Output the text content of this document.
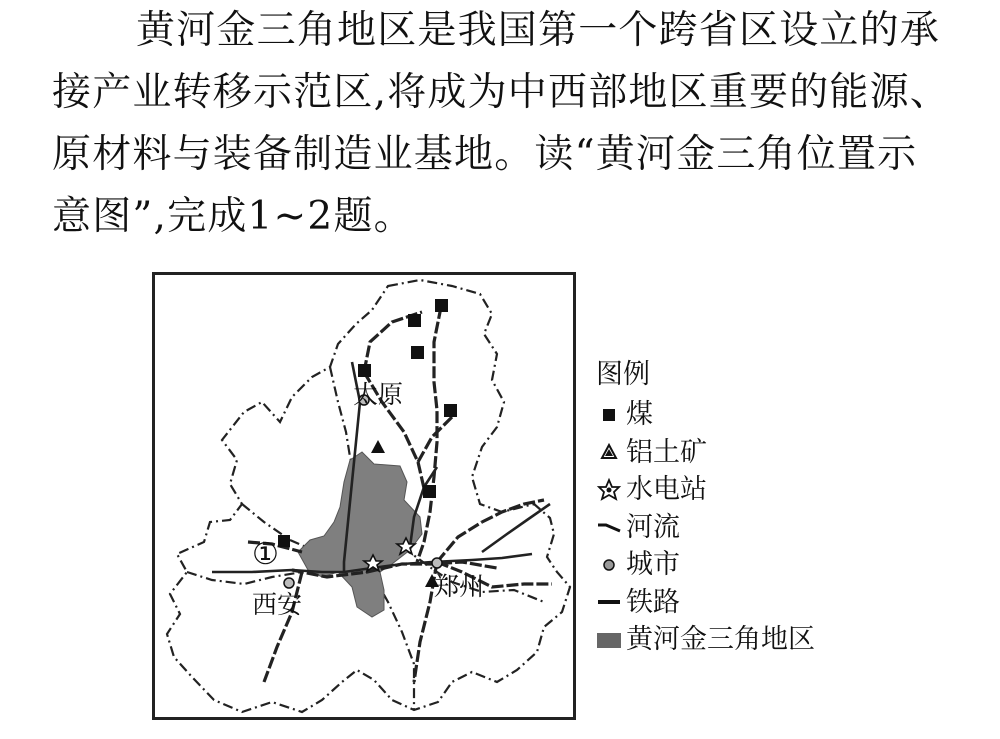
黄河金三角地区是我国第一个跨省区设立的承
接产业转移示范区,将成为中西部地区重要的能源、
原材料与装备制造业基地。读“黄河金三角位置示
意图”,完成1~2题。
太原
西安
郑州
①
图例
煤
铝土矿
水电站
河流
城市
铁路
黄河金三角地区
